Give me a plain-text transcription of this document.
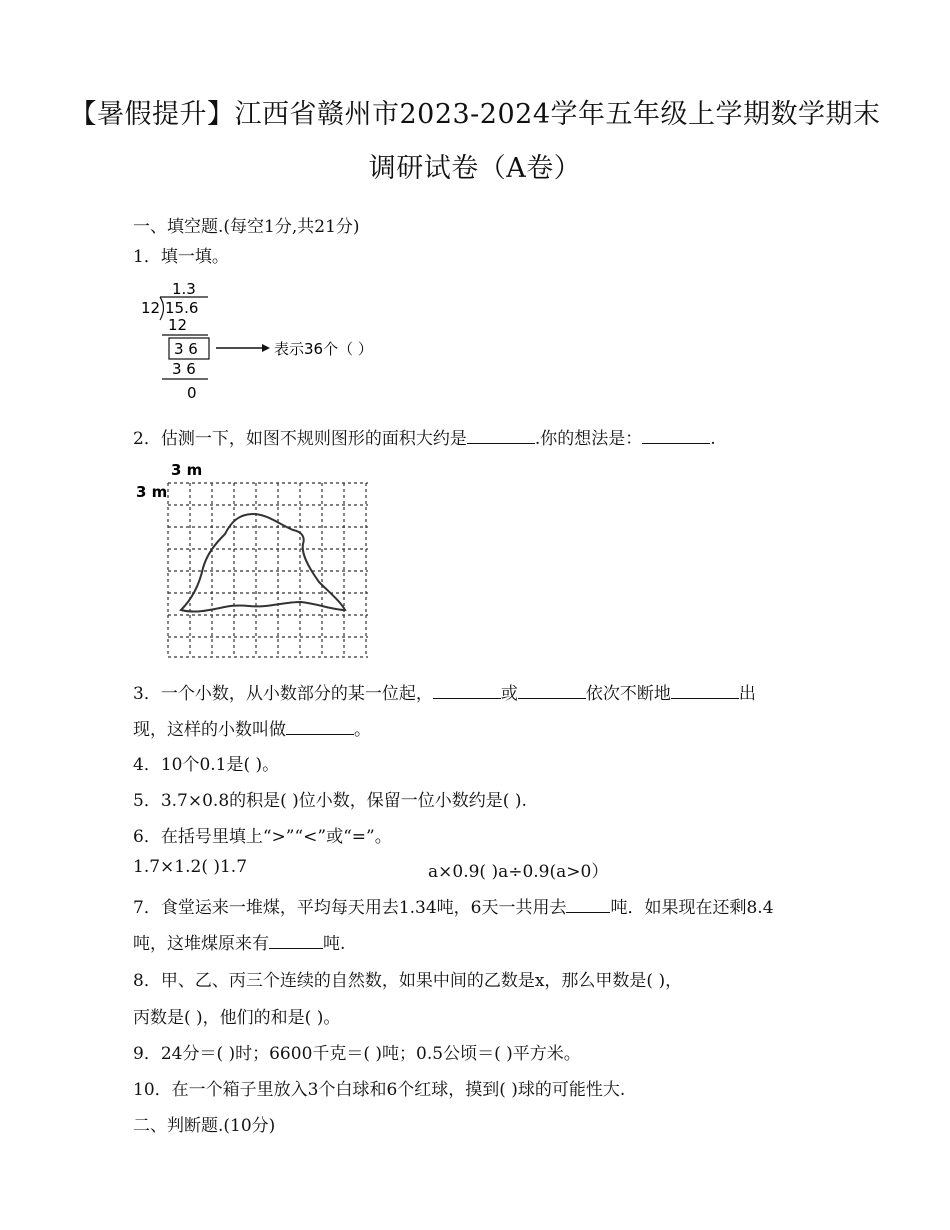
【暑假提升】江西省赣州市2023-2024学年五年级上学期数学期末
调研试卷（A卷）
一、填空题.(每空1分,共21分)
1．填一填。
1.3
12 15.6
12
3 6	表示36个（ ）
3 6
0
2．估测一下，如图不规则图形的面积大约是	.你的想法是：	.
3 m
3 m
3．一个小数，从小数部分的某一位起，	或	依次不断地	出
现，这样的小数叫做	。
4．10个0.1是( )。
5．3.7×0.8的积是( )位小数，保留一位小数约是( ).
6．在括号里填上“>”“<”或“=”。
1.7×1.2( )1.7	a×0.9( )a÷0.9(a>0）
7．食堂运来一堆煤，平均每天用去1.34吨，6天一共用去	吨．如果现在还剩8.4
吨，这堆煤原来有	吨.
8．甲、乙、丙三个连续的自然数，如果中间的乙数是x，那么甲数是( )，
丙数是( )，他们的和是( )。
9．24分＝( )时；6600千克＝( )吨；0.5公顷＝( )平方米。
10．在一个箱子里放入3个白球和6个红球，摸到( )球的可能性大.
二、判断题.(10分)
